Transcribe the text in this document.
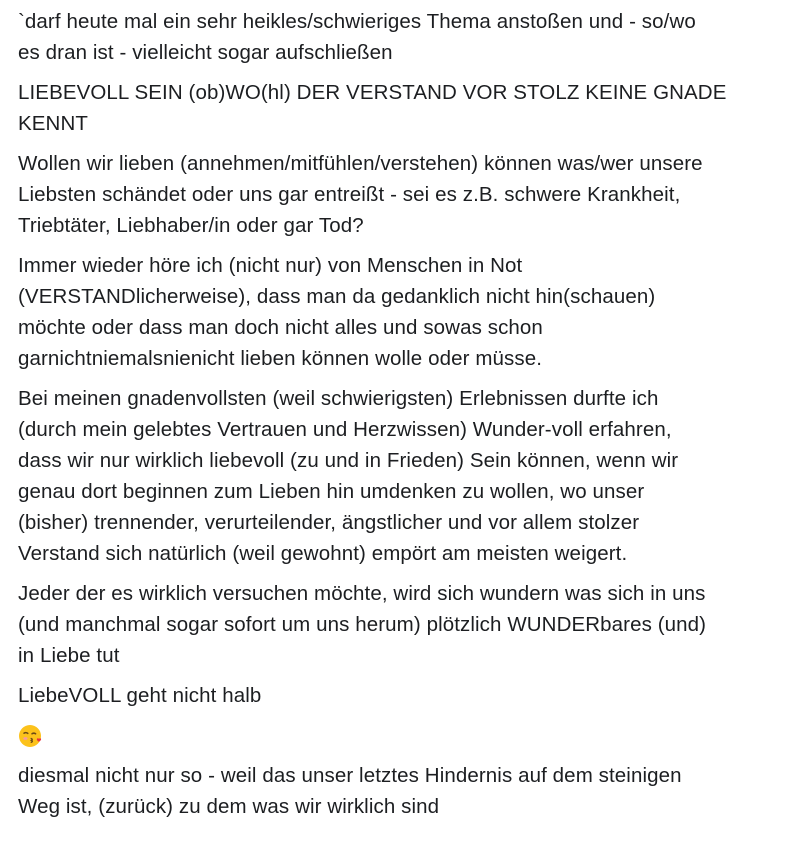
`darf heute mal ein sehr heikles/schwieriges Thema anstoßen und - so/wo
es dran ist - vielleicht sogar aufschließen

LIEBEVOLL SEIN (ob)WO(hl) DER VERSTAND VOR STOLZ KEINE GNADE
KENNT

Wollen wir lieben (annehmen/mitfühlen/verstehen) können was/wer unsere
Liebsten schändet oder uns gar entreißt - sei es z.B. schwere Krankheit,
Triebtäter, Liebhaber/in oder gar Tod?

Immer wieder höre ich (nicht nur) von Menschen in Not
(VERSTANDlicherweise), dass man da gedanklich nicht hin(schauen)
möchte oder dass man doch nicht alles und sowas schon
garnichtniemalsnienicht lieben können wolle oder müsse.

Bei meinen gnadenvollsten (weil schwierigsten) Erlebnissen durfte ich
(durch mein gelebtes Vertrauen und Herzwissen) Wunder-voll erfahren,
dass wir nur wirklich liebevoll (zu und in Frieden) Sein können, wenn wir
genau dort beginnen zum Lieben hin umdenken zu wollen, wo unser
(bisher) trennender, verurteilender, ängstlicher und vor allem stolzer
Verstand sich natürlich (weil gewohnt) empört am meisten weigert.

Jeder der es wirklich versuchen möchte, wird sich wundern was sich in uns
(und manchmal sogar sofort um uns herum) plötzlich WUNDERbares (und)
in Liebe tut

LiebeVOLL geht nicht halb

diesmal nicht nur so - weil das unser letztes Hindernis auf dem steinigen
Weg ist, (zurück) zu dem was wir wirklich sind
